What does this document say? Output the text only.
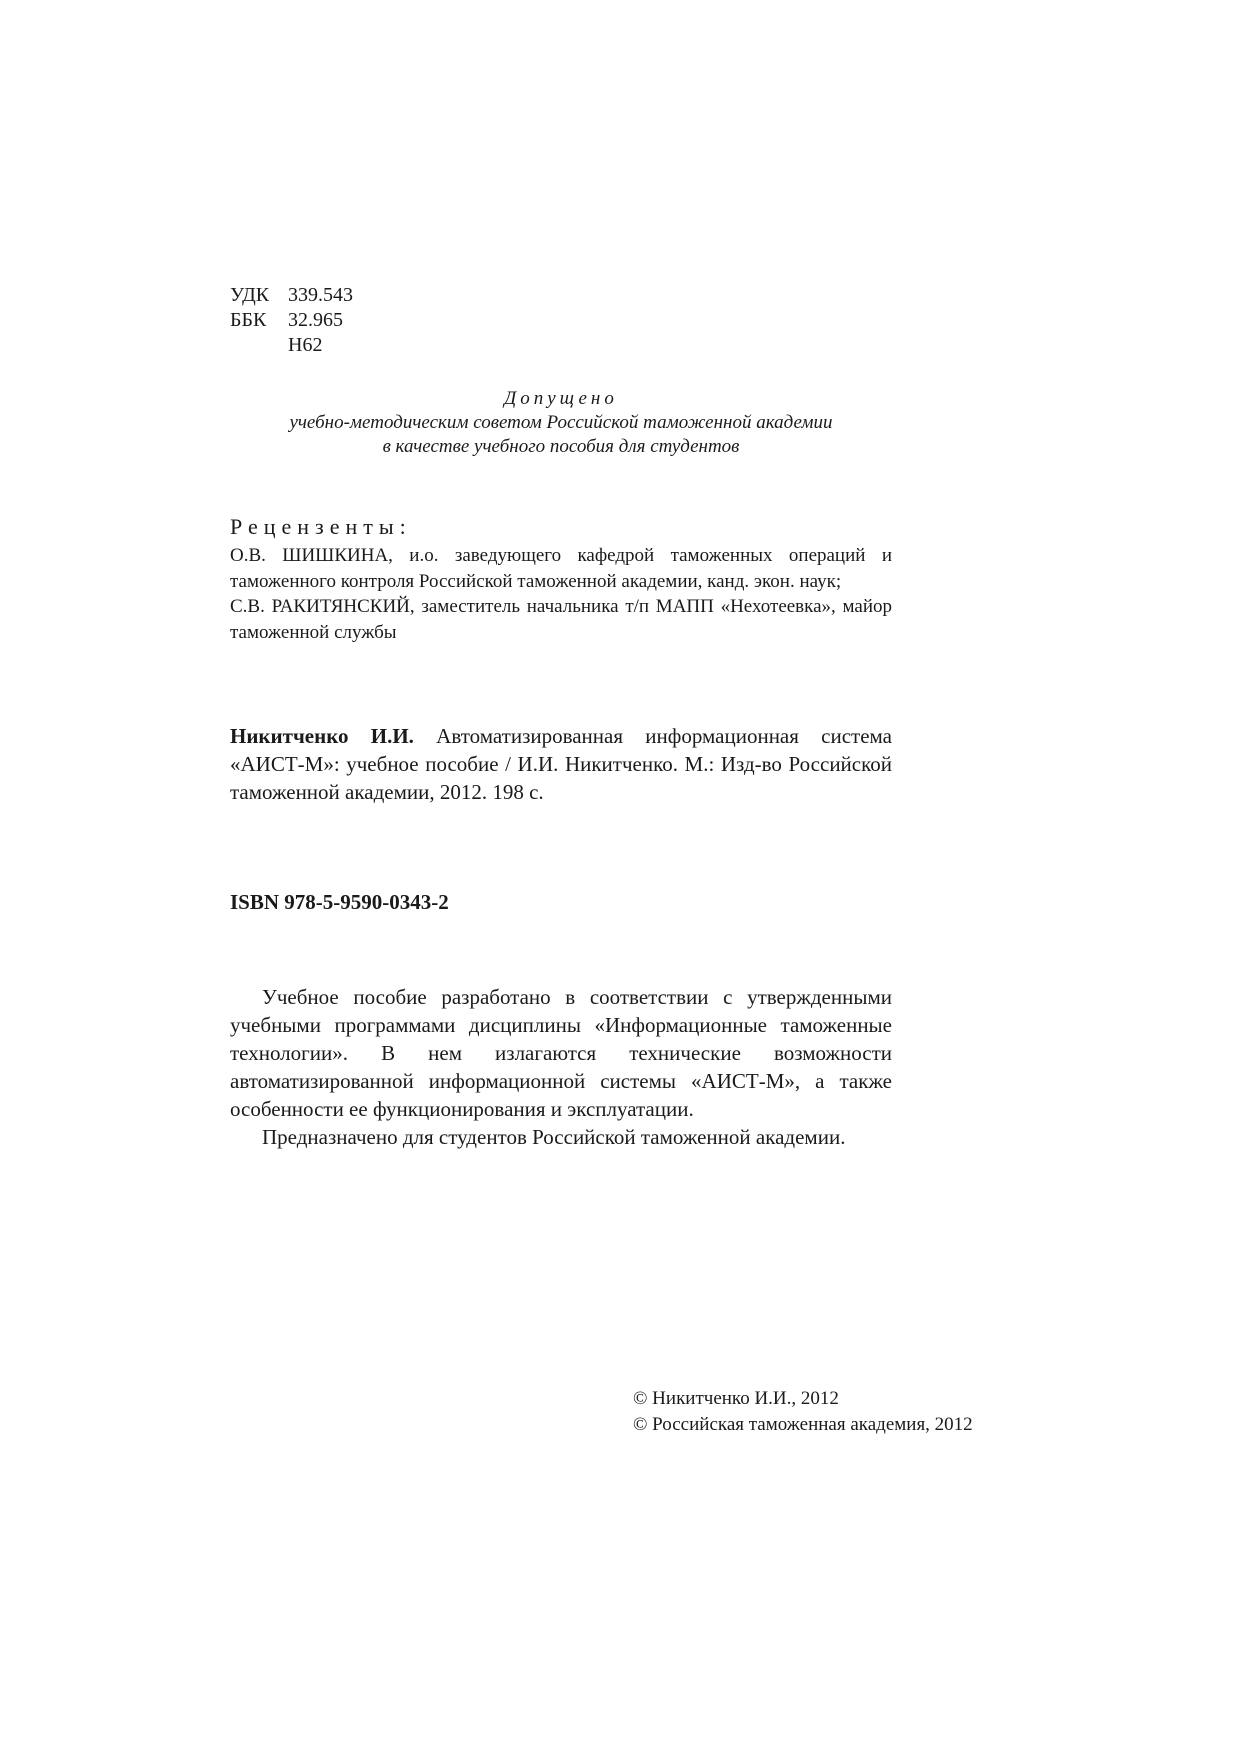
УДК 339.543
ББК	32.965
Н62
Допущено
учебно-методическим советом Российской таможенной академии
в качестве учебного пособия для студентов
Рецензенты:

О.В. ШИШКИНА, и.о. заведующего кафедрой таможенных операций и таможенного контроля Российской таможенной академии, канд. экон. наук;

С.В. РАКИТЯНСКИЙ, заместитель начальника т/п МАПП «Нехотеевка», майор таможенной службы

Никитченко И.И. Автоматизированная информационная система «АИСТ-М»: учебное пособие / И.И. Никитченко. М.: Изд-во Российской таможенной академии, 2012. 198 с.

ISBN 978-5-9590-0343-2

Учебное пособие разработано в соответствии с утвержденными учебными программами дисциплины «Информационные таможенные технологии». В нем излагаются технические возможности автоматизированной информационной системы «АИСТ-М», а также особенности ее функционирования и эксплуатации.

Предназначено для студентов Российской таможенной академии.

© Никитченко И.И., 2012
© Российская таможенная академия, 2012
